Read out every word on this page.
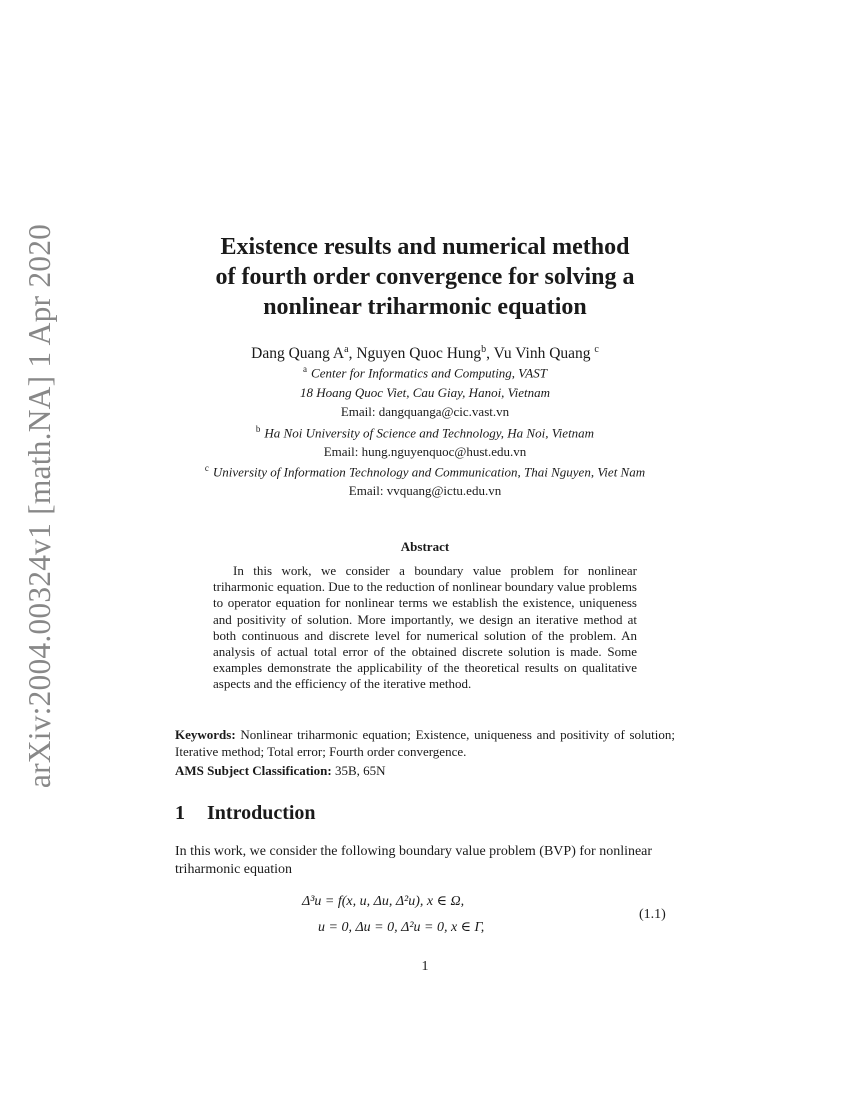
arXiv:2004.00324v1 [math.NA] 1 Apr 2020	Existence results and numerical method
of fourth order convergence for solving a
nonlinear triharmonic equation
Dang Quang $A^a$, Nguyen Quoc Hung$^b$, Vu Vinh Quang $^c$
$^a$ Center for Informatics and Computing, VAST
18 Hoang Quoc Viet, Cau Giay, Hanoi, Vietnam
Email: dangquanga@cic.vast.vn
$^b$ Ha Noi University of Science and Technology, Ha Noi, Vietnam
Email: hung.nguyenquoc@hust.edu.vn
$^c$ University of Information Technology and Communication, Thai Nguyen, Viet Nam
Email: vvquang@ictu.edu.vn
Abstract

In this work, we consider a boundary value problem for nonlinear triharmonic equation. Due to the reduction of nonlinear boundary value problems to operator equation for nonlinear terms we establish the existence, uniqueness and positivity of solution. More importantly, we design an iterative method at both continuous and discrete level for numerical solution of the problem. An analysis of actual total error of the obtained discrete solution is made. Some examples demonstrate the applicability of the theoretical results on qualitative aspects and the efficiency of the iterative method.

Keywords: Nonlinear triharmonic equation; Existence, uniqueness and positivity of solution; Iterative method; Total error; Fourth order convergence.
AMS Subject Classification: 35B, 65N
1 Introduction

In this work, we consider the following boundary value problem (BVP) for nonlinear triharmonic equation

Δ³u = f(x, u, Δu, Δ²u), x ∈ Ω,
u = 0, Δu = 0, Δ²u = 0, x ∈ Γ,
(1.1)
1
